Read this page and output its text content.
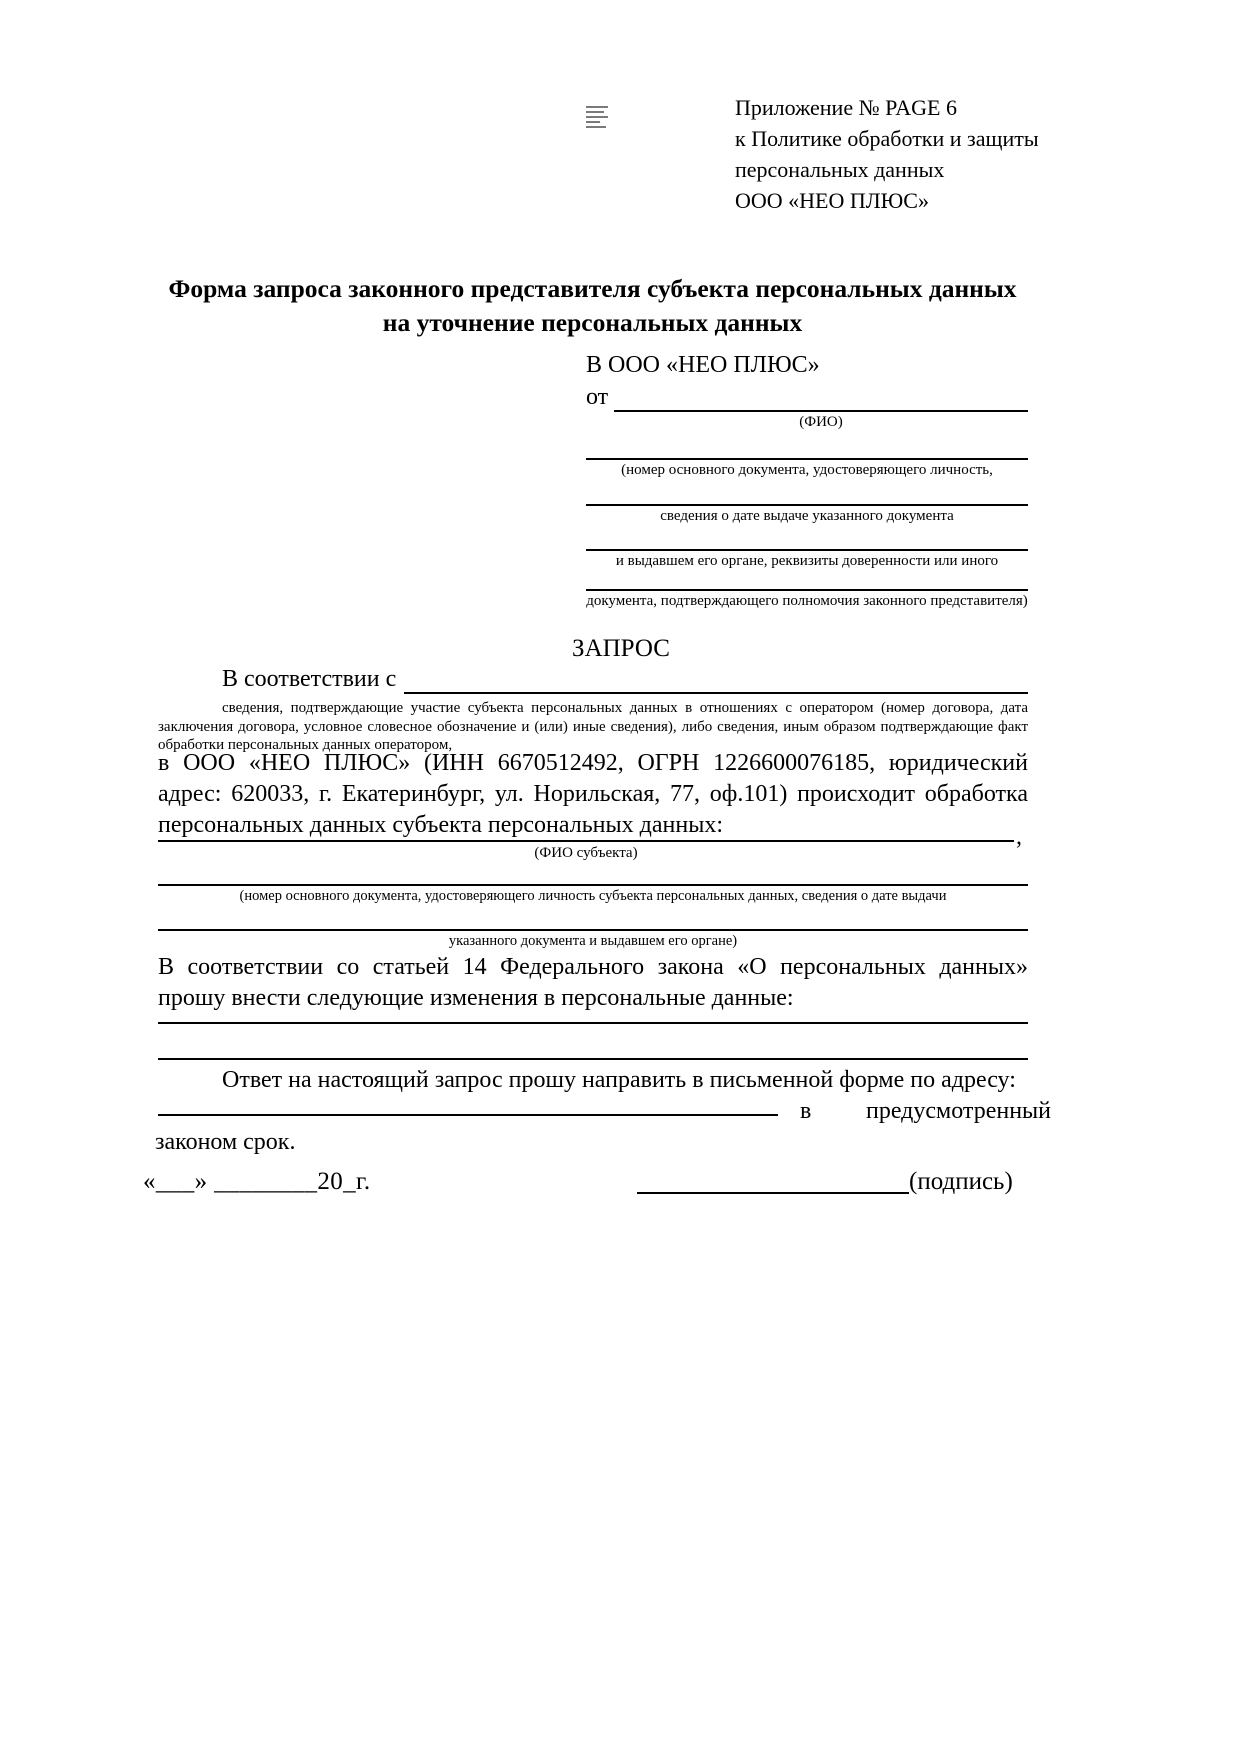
Приложение № PAGE 6
к Политике обработки и защиты
персональных данных
ООО «НЕО ПЛЮС»
Форма запроса законного представителя субъекта персональных данных
на уточнение персональных данных
В ООО «НЕО ПЛЮС»
от
(ФИО)
(номер основного документа, удостоверяющего личность,
сведения о дате выдаче указанного документа
и выдавшем его органе, реквизиты доверенности или иного
документа, подтверждающего полномочия законного представителя)
ЗАПРОС
В соответствии с
сведения, подтверждающие участие субъекта персональных данных в отношениях с оператором (номер договора, дата заключения договора, условное словесное обозначение и (или) иные сведения), либо сведения, иным образом подтверждающие факт обработки персональных данных оператором,
в ООО «НЕО ПЛЮС» (ИНН 6670512492, ОГРН 1226600076185, юридический адрес: 620033, г. Екатеринбург, ул. Норильская, 77, оф.101) происходит обработка персональных данных субъекта персональных данных:	,
(ФИО субъекта)
(номер основного документа, удостоверяющего личность субъекта персональных данных, сведения о дате выдачи
указанного документа и выдавшем его органе)
В соответствии со статьей 14 Федерального закона «О персональных данных» прошу внести следующие изменения в персональные данные:
Ответ на настоящий запрос прошу направить в письменной форме по адресу:
в	предусмотренный
законом срок.
«___» ________20_г.	(подпись)
